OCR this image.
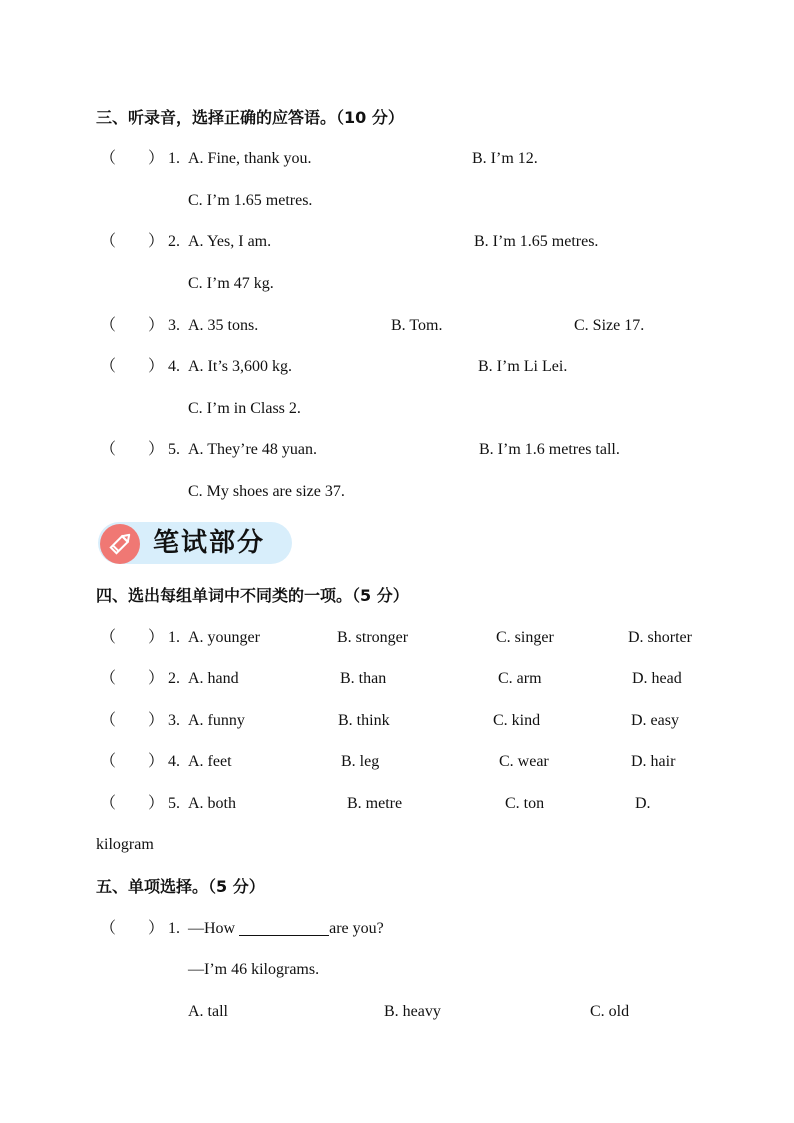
三、听录音，选择正确的应答语。（10 分）
（　　） 1. A. Fine, thank you.	B. I’m 12.
C. I’m 1.65 metres.
（　　） 2. A. Yes, I am.	B. I’m 1.65 metres.
C. I’m 47 kg.
（　　） 3. A. 35 tons.	B. Tom.	C. Size 17.
（　　） 4. A. It’s 3,600 kg.	B. I’m Li Lei.
C. I’m in Class 2.
（　　） 5. A. They’re 48 yuan.	B. I’m 1.6 metres tall.
C. My shoes are size 37.
笔试部分
四、选出每组单词中不同类的一项。（5 分）
（　　） 1. A. younger	B. stronger	C. singer	D. shorter
（　　） 2. A. hand	B. than	C. arm	D. head
（　　） 3. A. funny	B. think	C. kind	D. easy
（　　） 4. A. feet	B. leg	C. wear	D. hair
（　　） 5. A. both	B. metre	C. ton	D.
kilogram
五、单项选择。（5 分）
（　　） 1. —How	are you?
—I’m 46 kilograms.
A. tall	B. heavy	C. old
